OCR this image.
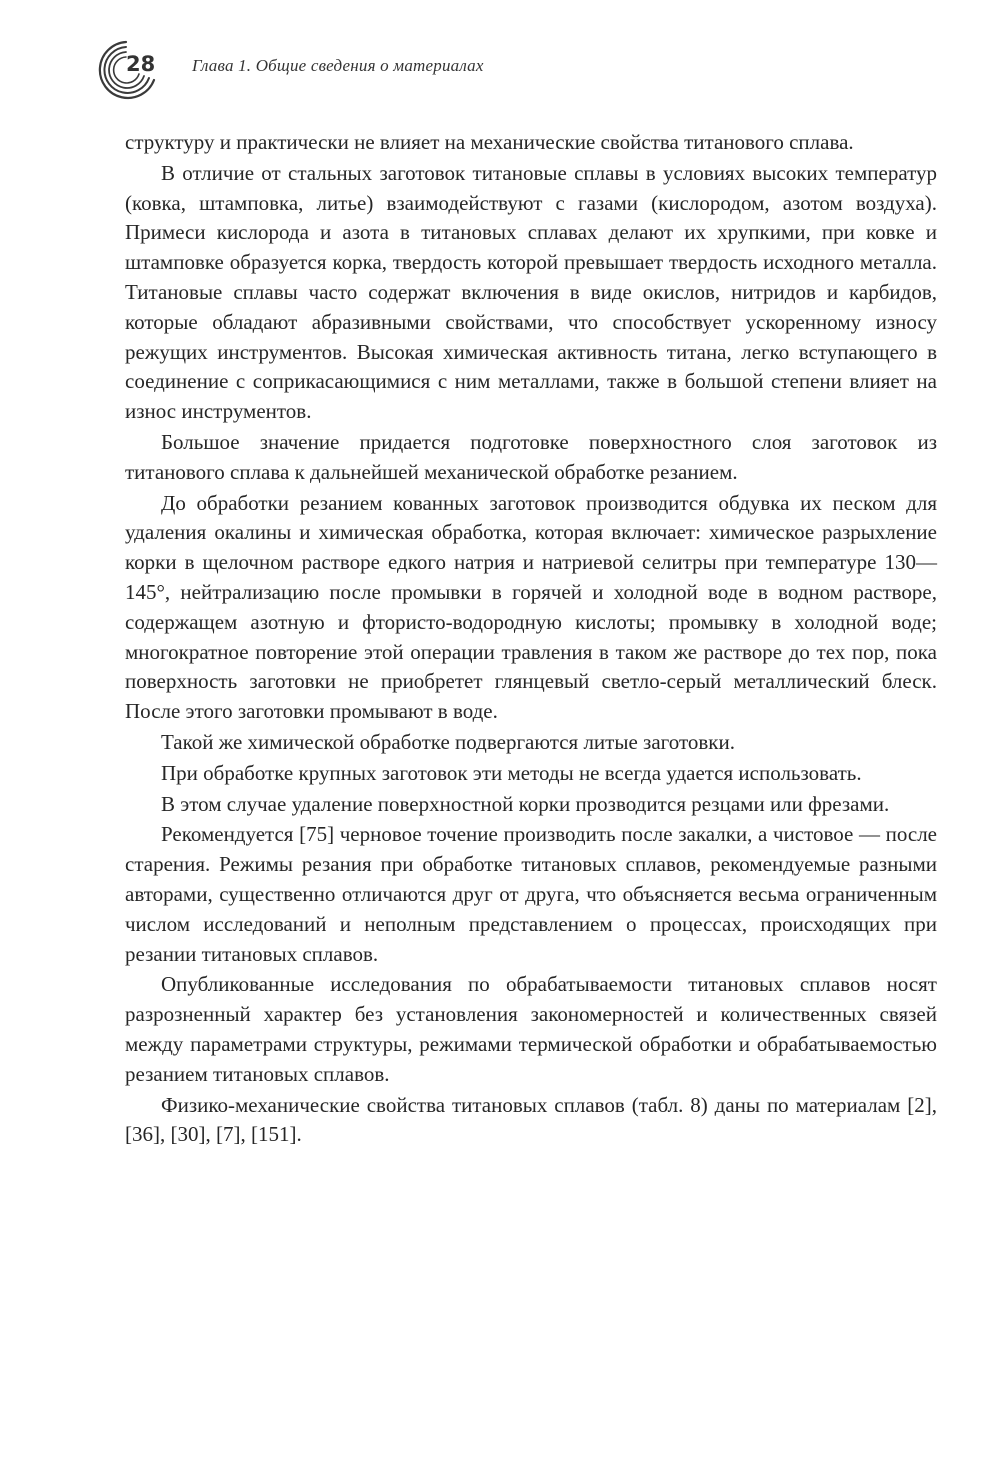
28 Глава 1. Общие сведения о материалах

структуру и практически не влияет на механические свойства титанового сплава.

В отличие от стальных заготовок титановые сплавы в условиях высоких температур (ковка, штамповка, литье) взаимодействуют с газами (кислородом, азотом воздуха). Примеси кислорода и азота в титановых сплавах делают их хрупкими, при ковке и штамповке образуется корка, твердость которой превышает твердость исходного металла. Титановые сплавы часто содержат включения в виде окислов, нитридов и карбидов, которые обладают абразивными свойствами, что способствует ускоренному износу режущих инструментов. Высокая химическая активность титана, легко вступающего в соединение с соприкасающимися с ним металлами, также в большой степени влияет на износ инструментов.

Большое значение придается подготовке поверхностного слоя заготовок из титанового сплава к дальнейшей механической обработке резанием.

До обработки резанием кованных заготовок производится обдувка их песком для удаления окалины и химическая обработка, которая включает: химическое разрыхление корки в щелочном растворе едкого натрия и натриевой селитры при температуре 130—145°, нейтрализацию после промывки в горячей и холодной воде в водном растворе, содержащем азотную и фтористо-водородную кислоты; промывку в холодной воде; многократное повторение этой операции травления в таком же растворе до тех пор, пока поверхность заготовки не приобретет глянцевый светло-серый металлический блеск. После этого заготовки промывают в воде.

Такой же химической обработке подвергаются литые заготовки.

При обработке крупных заготовок эти методы не всегда удается использовать.

В этом случае удаление поверхностной корки прозводится резцами или фрезами.

Рекомендуется [75] черновое точение производить после закалки, а чистовое — после старения. Режимы резания при обработке титановых сплавов, рекомендуемые разными авторами, существенно отличаются друг от друга, что объясняется весьма ограниченным числом исследований и неполным представлением о процессах, происходящих при резании титановых сплавов.

Опубликованные исследования по обрабатываемости титановых сплавов носят разрозненный характер без установления закономерностей и количественных связей между параметрами структуры, режимами термической обработки и обрабатываемостью резанием титановых сплавов.

Физико-механические свойства титановых сплавов (табл. 8) даны по материалам [2], [36], [30], [7], [151].
